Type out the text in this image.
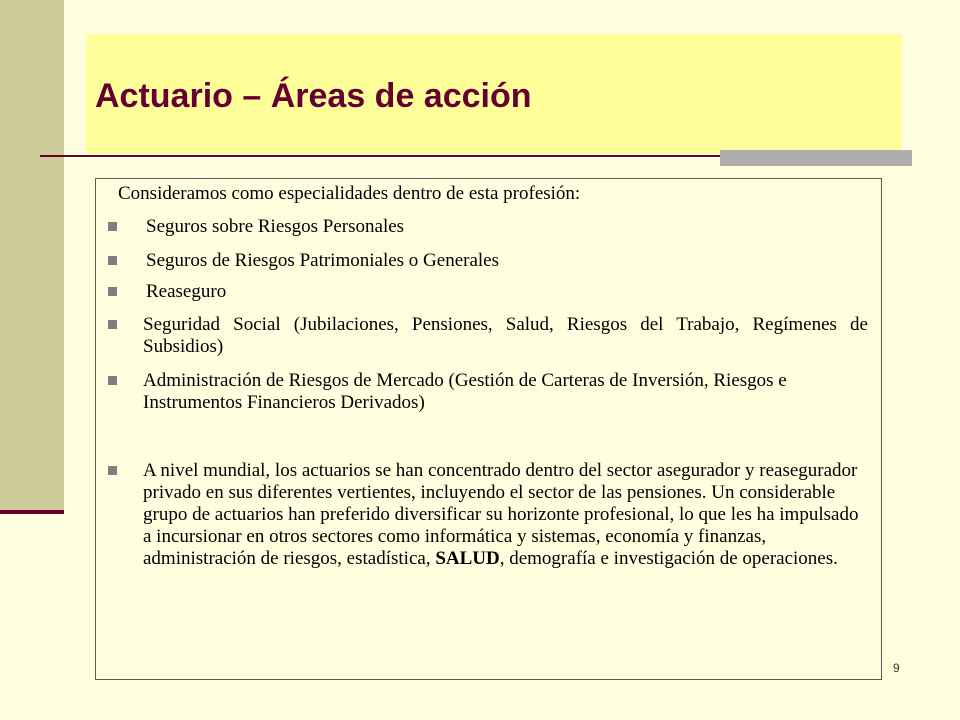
Actuario – Áreas de acción

Consideramos como especialidades dentro de esta profesión:

Seguros sobre Riesgos Personales
Seguros de Riesgos Patrimoniales o Generales
Reaseguro
Seguridad Social (Jubilaciones, Pensiones, Salud, Riesgos del Trabajo, Regímenes de Subsidios)
Administración de Riesgos de Mercado (Gestión de Carteras de Inversión, Riesgos e Instrumentos Financieros Derivados)
A nivel mundial, los actuarios se han concentrado dentro del sector asegurador y reasegurador privado en sus diferentes vertientes, incluyendo el sector de las pensiones. Un considerable grupo de actuarios han preferido diversificar su horizonte profesional, lo que les ha impulsado a incursionar en otros sectores como informática y sistemas, economía y finanzas, administración de riesgos, estadística, SALUD, demografía e investigación de operaciones.
9
